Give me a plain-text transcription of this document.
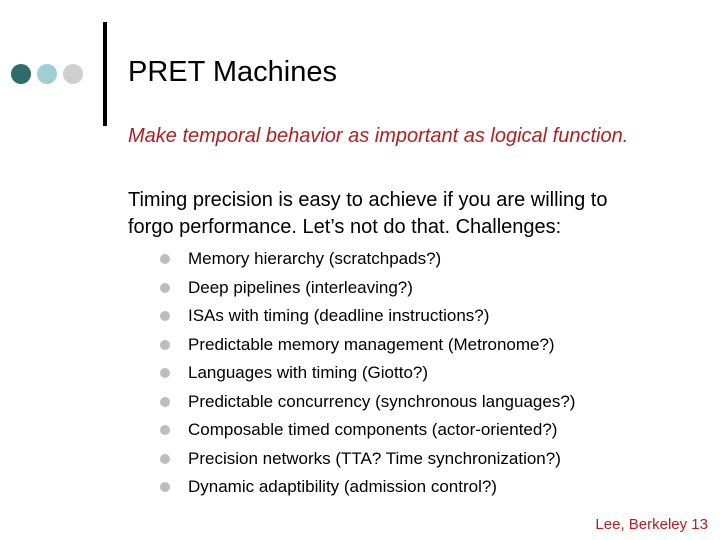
PRET Machines
Make temporal behavior as important as logical function.
Timing precision is easy to achieve if you are willing to
forgo performance. Let’s not do that. Challenges:
Memory hierarchy (scratchpads?)
Deep pipelines (interleaving?)
ISAs with timing (deadline instructions?)
Predictable memory management (Metronome?)
Languages with timing (Giotto?)
Predictable concurrency (synchronous languages?)
Composable timed components (actor-oriented?)
Precision networks (TTA? Time synchronization?)
Dynamic adaptibility (admission control?)
Lee, Berkeley 13
